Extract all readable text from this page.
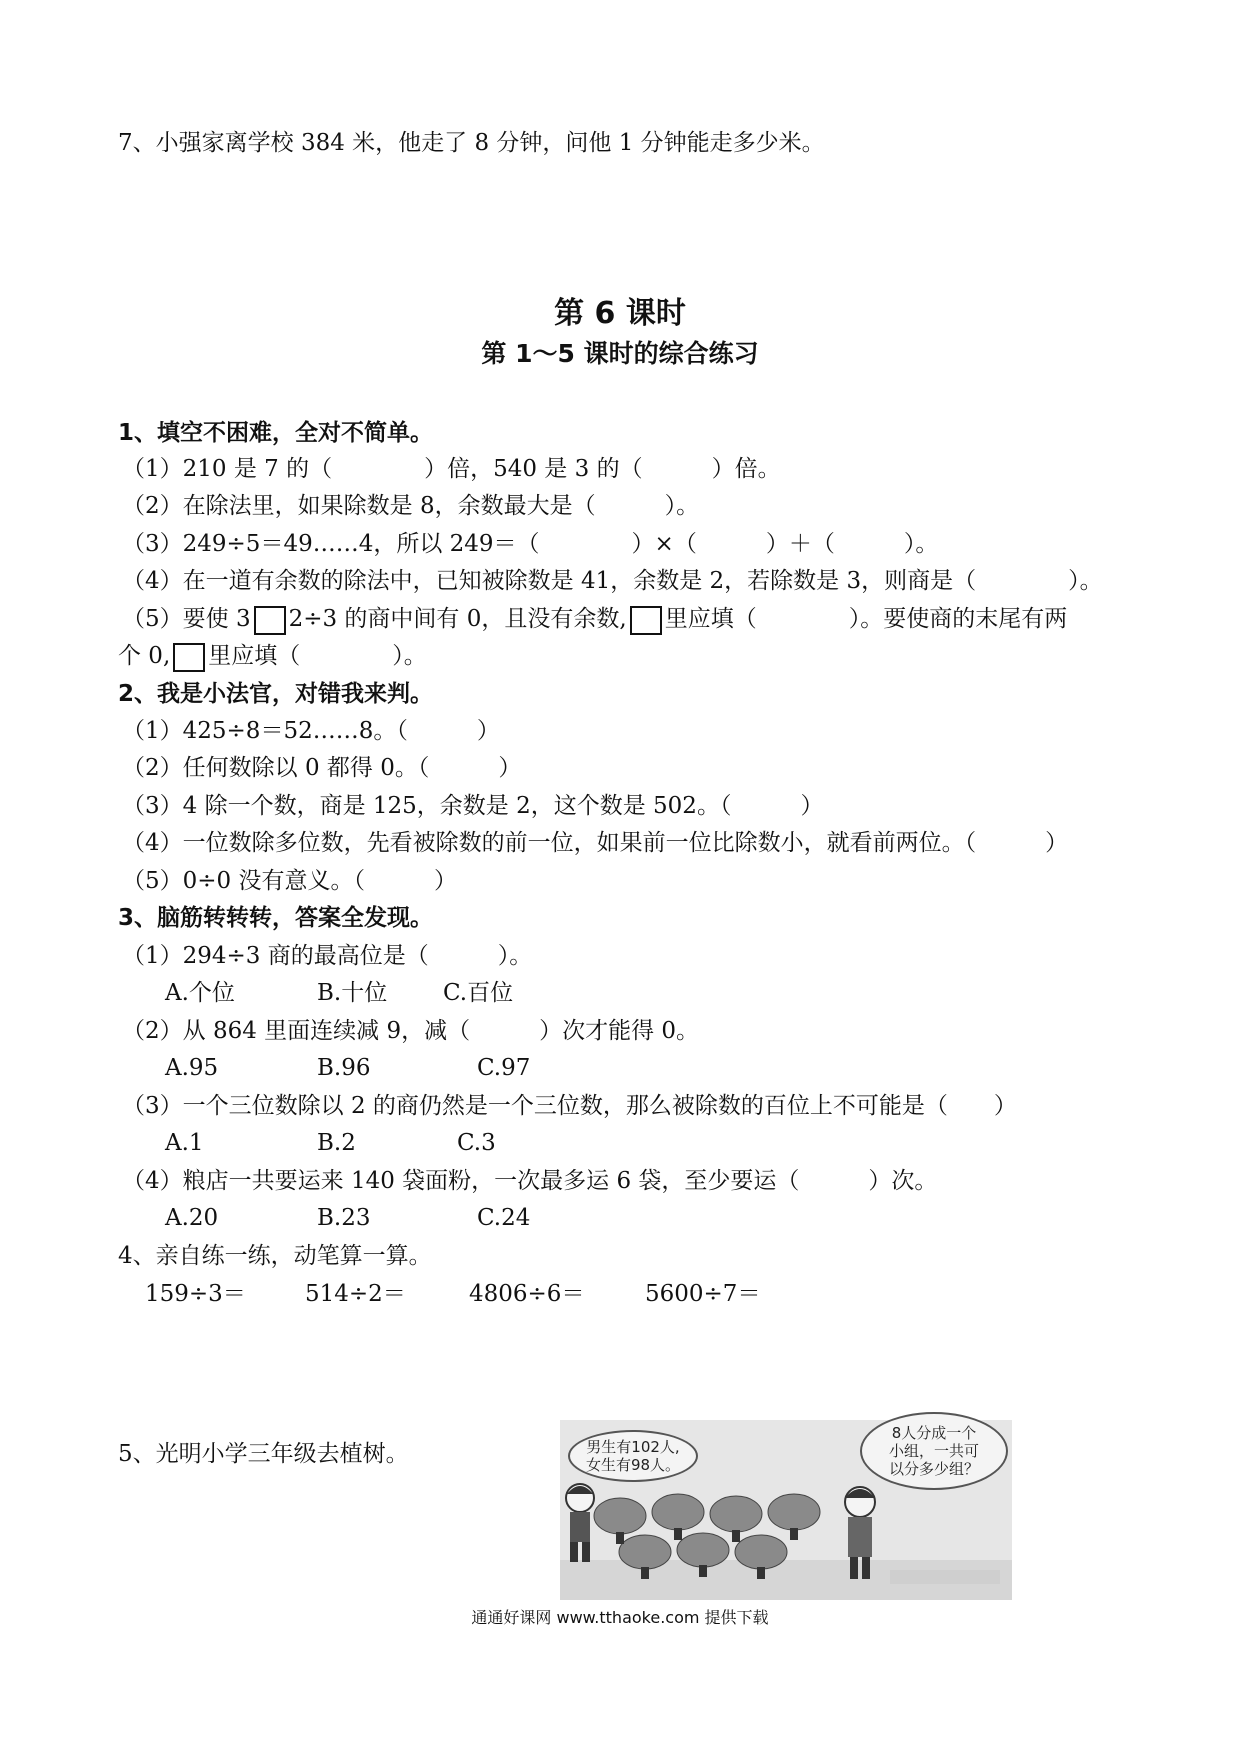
7、小强家离学校 384 米，他走了 8 分钟，问他 1 分钟能走多少米。
第 6 课时
第 1～5 课时的综合练习
1、填空不困难，全对不简单。
（1）210 是 7 的（　　　　）倍，540 是 3 的（　　　）倍。
（2）在除法里，如果除数是 8，余数最大是（　　　）。
（3）249÷5＝49……4，所以 249＝（　　　　）×（　　　）＋（　　　）。
（4）在一道有余数的除法中，已知被除数是 41，余数是 2，若除数是 3，则商是（　　　　）。
（5）要使 3 2÷3 的商中间有 0，且没有余数, 里应填（　　　　）。要使商的末尾有两
个 0, 里应填（　　　　）。
2、我是小法官，对错我来判。
（1）425÷8＝52……8。（　　　）
（2）任何数除以 0 都得 0。（　　　）
（3）4 除一个数，商是 125，余数是 2，这个数是 502。（　　　）
（4）一位数除多位数，先看被除数的前一位，如果前一位比除数小，就看前两位。（　　　）
（5）0÷0 没有意义。（　　　）
3、脑筋转转转，答案全发现。
（1）294÷3 商的最高位是（　　　）。
A.个位	B.十位 C.百位
（2）从 864 里面连续减 9，减（　　　）次才能得 0。
A.95	B.96	C.97
（3）一个三位数除以 2 的商仍然是一个三位数，那么被除数的百位上不可能是（　　）
A.1	B.2	C.3
（4）粮店一共要运来 140 袋面粉，一次最多运 6 袋，至少要运（　　　）次。
A.20	B.23	C.24
4、亲自练一练，动笔算一算。
159÷3＝	514÷2＝	4806÷6＝	5600÷7＝
5、光明小学三年级去植树。	男生有102人,
女生有98人。
8人分成一个
小组，一共可
以分多少组？
通通好课网 www.tthaoke.com 提供下载
